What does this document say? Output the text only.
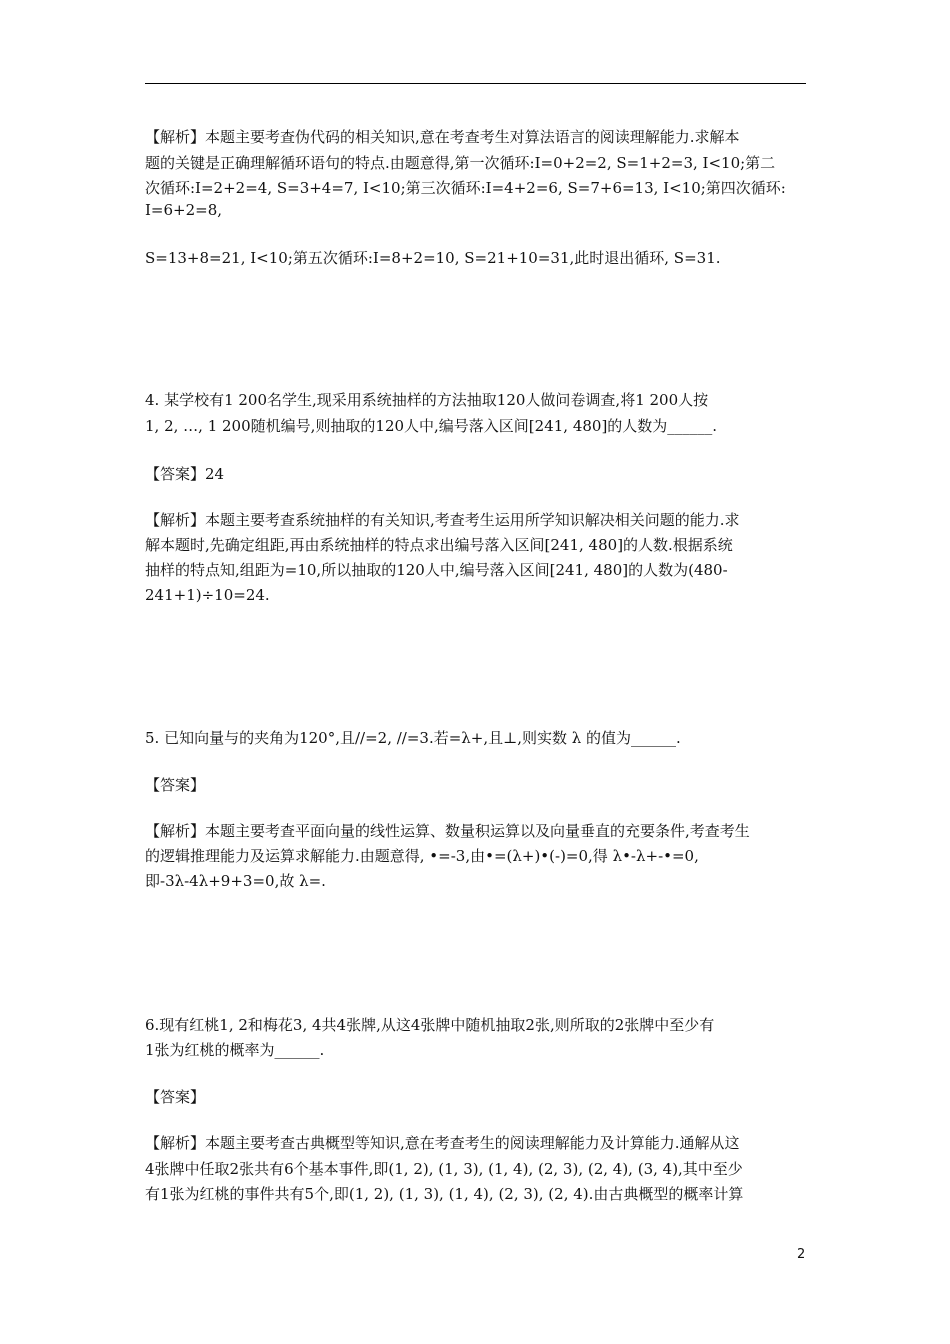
【解析】本题主要考查伪代码的相关知识,意在考查考生对算法语言的阅读理解能力.求解本
题的关键是正确理解循环语句的特点.由题意得,第一次循环:I=0+2=2, S=1+2=3, I<10;第二
次循环:I=2+2=4, S=3+4=7, I<10;第三次循环:I=4+2=6, S=7+6=13, I<10;第四次循环:
I=6+2=8,
S=13+8=21, I<10;第五次循环:I=8+2=10, S=21+10=31,此时退出循环, S=31.
4. 某学校有1 200名学生,现采用系统抽样的方法抽取120人做问卷调查,将1 200人按
1, 2, …, 1 200随机编号,则抽取的120人中,编号落入区间[241, 480]的人数为______.
【答案】24
【解析】本题主要考查系统抽样的有关知识,考查考生运用所学知识解决相关问题的能力.求
解本题时,先确定组距,再由系统抽样的特点求出编号落入区间[241, 480]的人数.根据系统
抽样的特点知,组距为=10,所以抽取的120人中,编号落入区间[241, 480]的人数为(480-
241+1)÷10=24.
5. 已知向量与的夹角为120°,且//=2, //=3.若=λ+,且⊥,则实数 λ 的值为______.
【答案】
【解析】本题主要考查平面向量的线性运算、数量积运算以及向量垂直的充要条件,考查考生
的逻辑推理能力及运算求解能力.由题意得, •=-3,由•=(λ+)•(-)=0,得 λ•-λ+-•=0,
即-3λ-4λ+9+3=0,故 λ=.
6.现有红桃1, 2和梅花3, 4共4张牌,从这4张牌中随机抽取2张,则所取的2张牌中至少有
1张为红桃的概率为______.
【答案】
【解析】本题主要考查古典概型等知识,意在考查考生的阅读理解能力及计算能力.通解从这
4张牌中任取2张共有6个基本事件,即(1, 2), (1, 3), (1, 4), (2, 3), (2, 4), (3, 4),其中至少
有1张为红桃的事件共有5个,即(1, 2), (1, 3), (1, 4), (2, 3), (2, 4).由古典概型的概率计算
2
